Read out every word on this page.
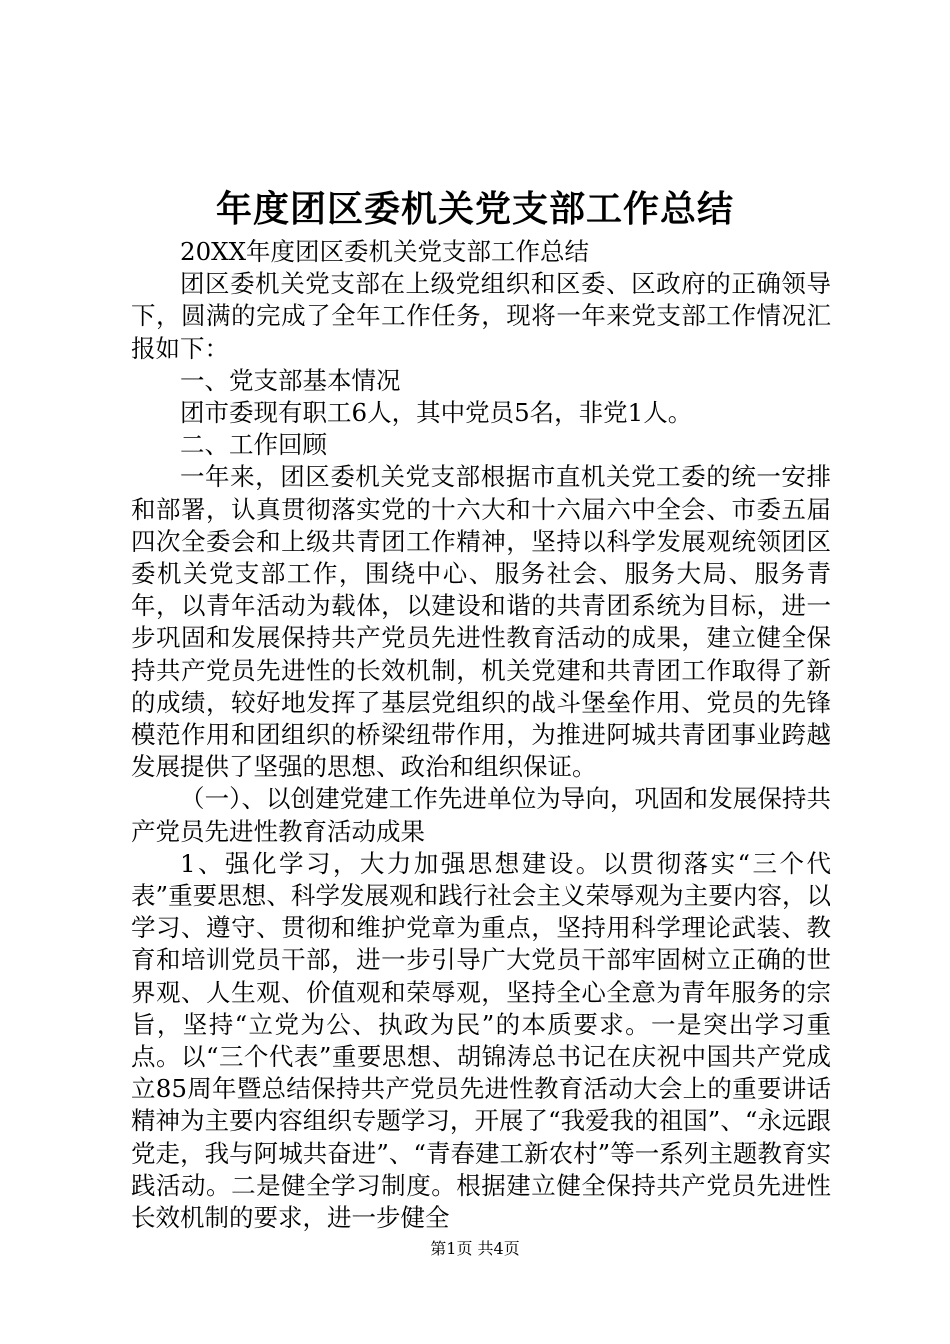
年度团区委机关党支部工作总结

20XX年度团区委机关党支部工作总结

团区委机关党支部在上级党组织和区委、区政府的正确领导下，圆满的完成了全年工作任务，现将一年来党支部工作情况汇报如下：

一、党支部基本情况

团市委现有职工6人，其中党员5名，非党1人。

二、工作回顾

一年来，团区委机关党支部根据市直机关党工委的统一安排和部署，认真贯彻落实党的十六大和十六届六中全会、市委五届四次全委会和上级共青团工作精神，坚持以科学发展观统领团区委机关党支部工作，围绕中心、服务社会、服务大局、服务青年，以青年活动为载体，以建设和谐的共青团系统为目标，进一步巩固和发展保持共产党员先进性教育活动的成果，建立健全保持共产党员先进性的长效机制，机关党建和共青团工作取得了新的成绩，较好地发挥了基层党组织的战斗堡垒作用、党员的先锋模范作用和团组织的桥梁纽带作用，为推进阿城共青团事业跨越发展提供了坚强的思想、政治和组织保证。

（一）、以创建党建工作先进单位为导向，巩固和发展保持共产党员先进性教育活动成果

1、强化学习，大力加强思想建设。以贯彻落实“三个代表”重要思想、科学发展观和践行社会主义荣辱观为主要内容，以学习、遵守、贯彻和维护党章为重点，坚持用科学理论武装、教育和培训党员干部，进一步引导广大党员干部牢固树立正确的世界观、人生观、价值观和荣辱观，坚持全心全意为青年服务的宗旨，坚持“立党为公、执政为民”的本质要求。一是突出学习重点。以“三个代表”重要思想、胡锦涛总书记在庆祝中国共产党成立85周年暨总结保持共产党员先进性教育活动大会上的重要讲话精神为主要内容组织专题学习，开展了“我爱我的祖国”、“永远跟党走，我与阿城共奋进”、“青春建工新农村”等一系列主题教育实践活动。二是健全学习制度。根据建立健全保持共产党员先进性长效机制的要求，进一步健全

第1页 共4页
